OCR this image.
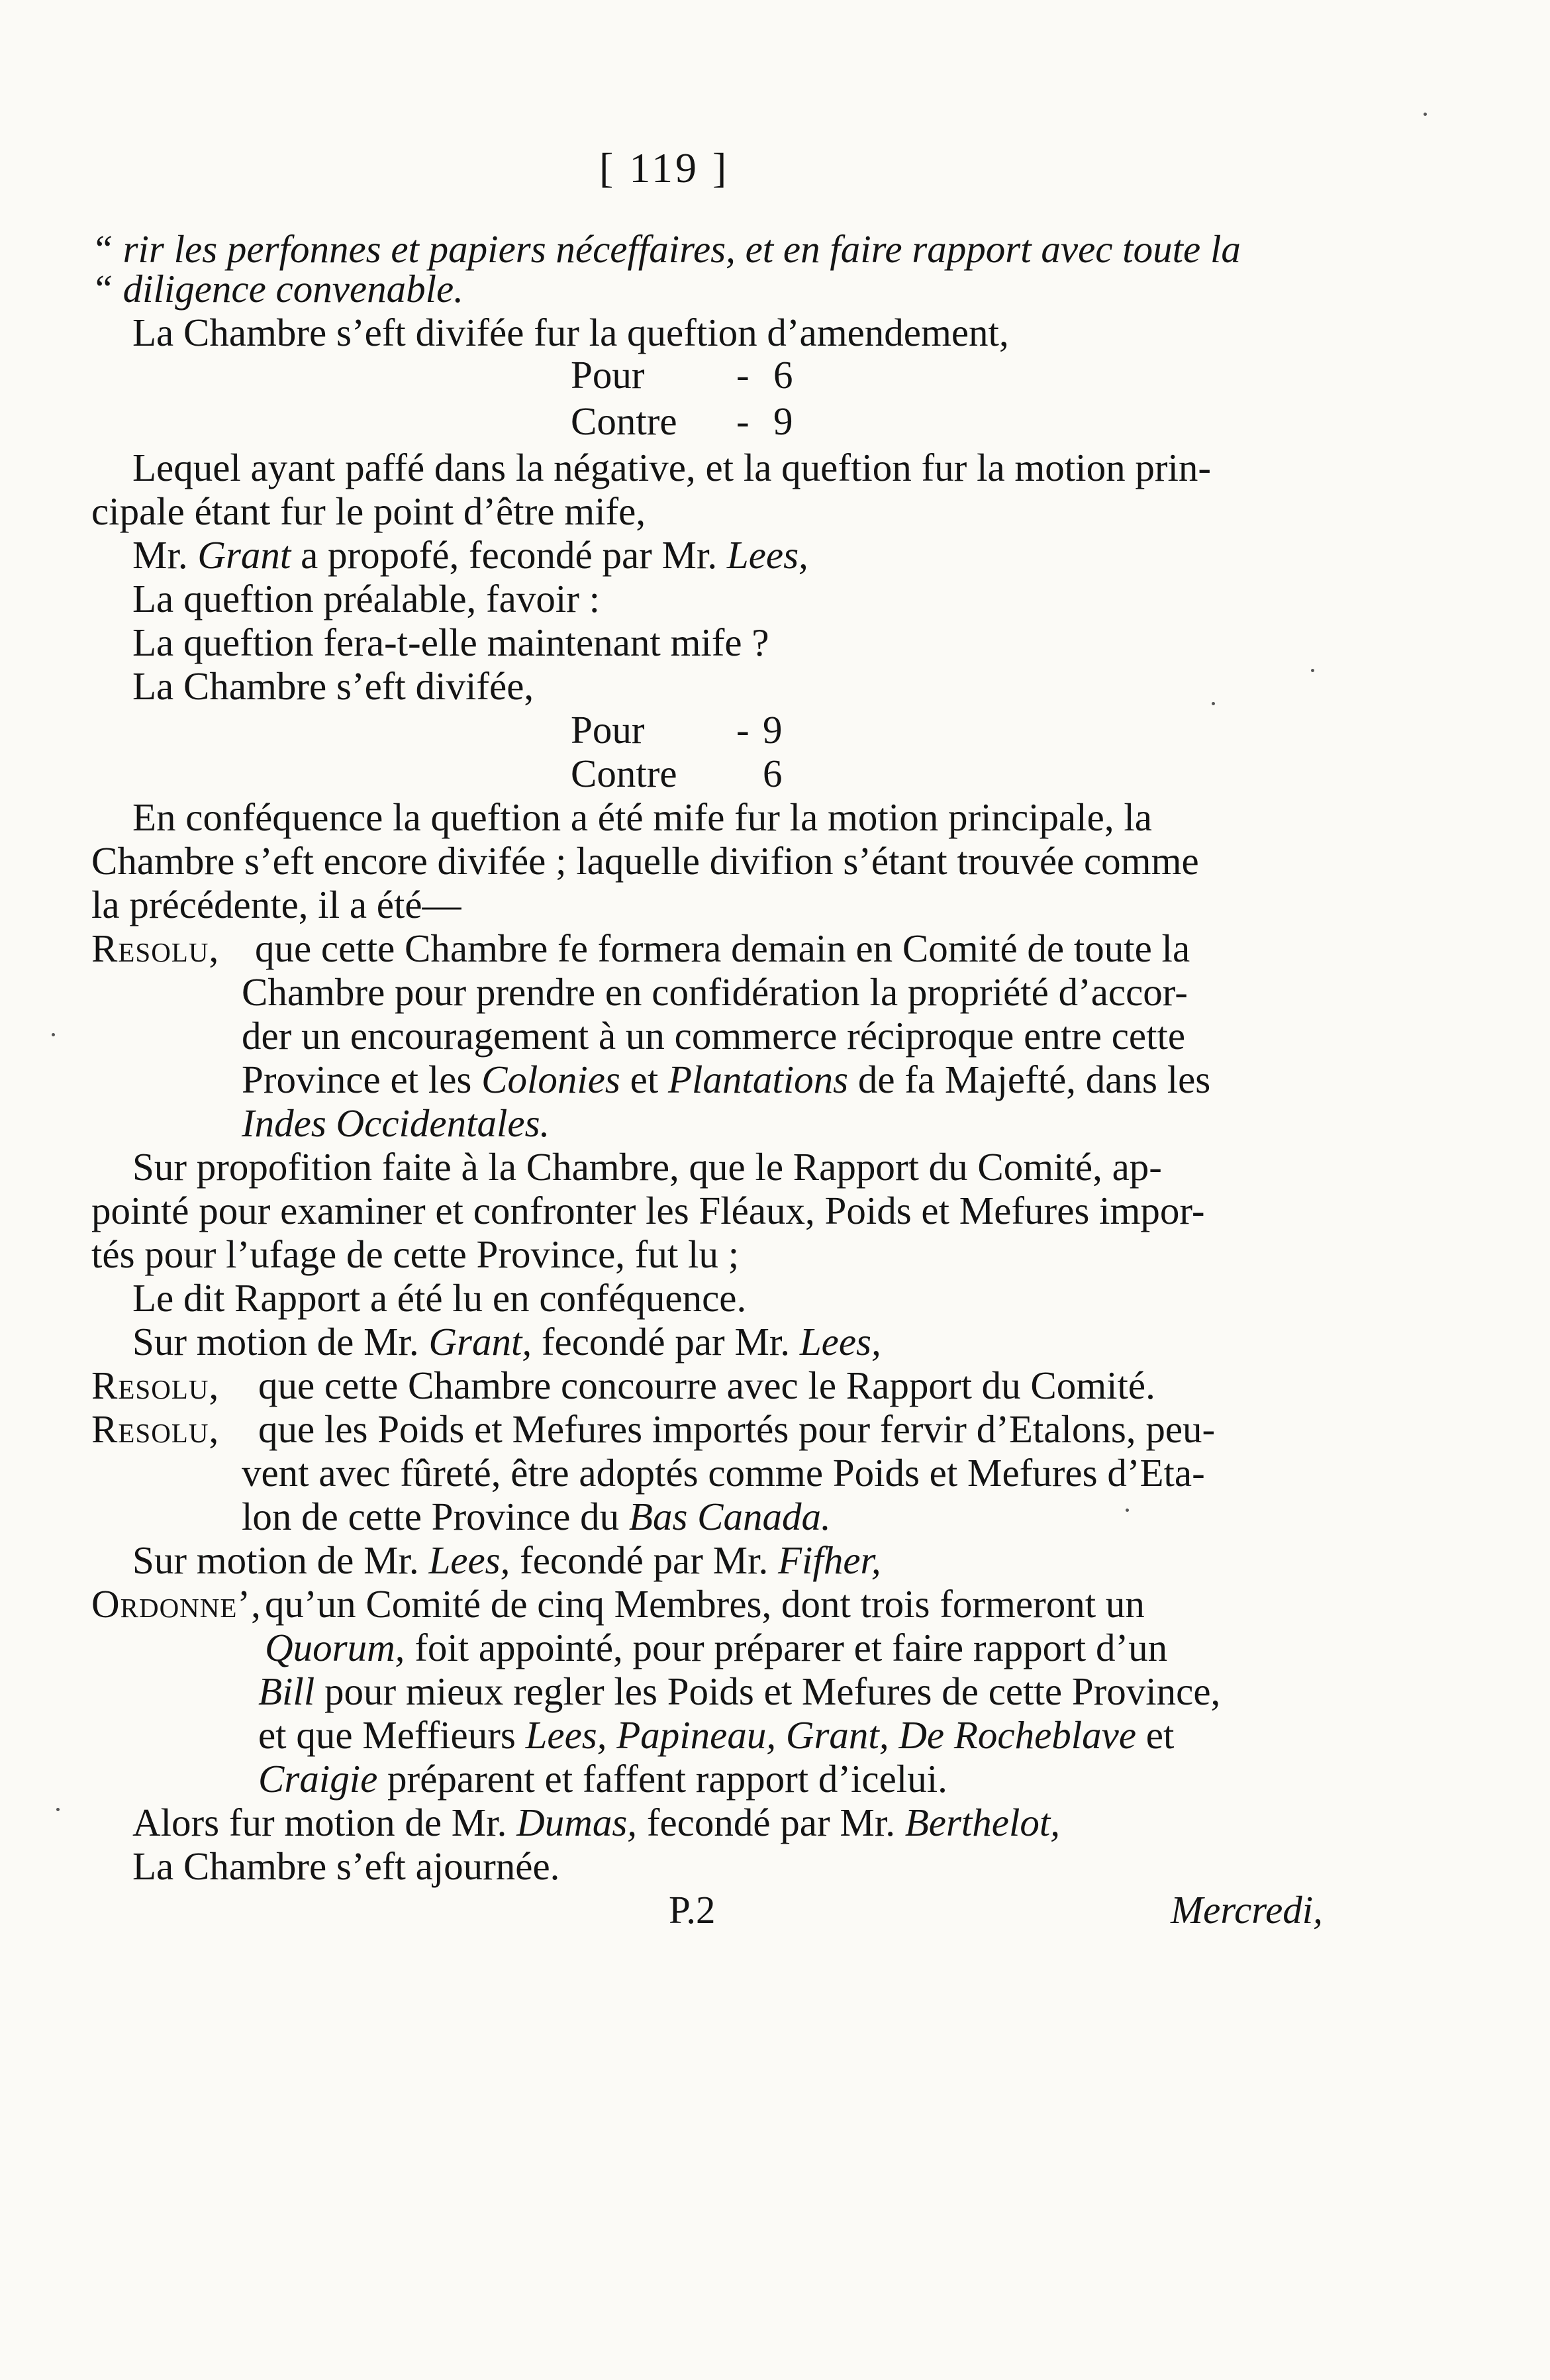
[ 119 ]
“ rir les perfonnes et papiers néceffaires, et en faire rapport avec toute la
“ diligence convenable.
La Chambre s’eft divifée fur la queftion d’amendement,
Pour - 6
Contre - 9
Lequel ayant paffé dans la négative, et la queftion fur la motion prin-
cipale étant fur le point d’être mife,
Mr. Grant a propofé, fecondé par Mr. Lees,
La queftion préalable, favoir :
La queftion fera-t-elle maintenant mife ?
La Chambre s’eft divifée,
Pour - 9
Contre 6
En conféquence la queftion a été mife fur la motion principale, la
Chambre s’eft encore divifée ; laquelle divifion s’étant trouvée comme
la précédente, il a été—
Resolu, que cette Chambre fe formera demain en Comité de toute la
Chambre pour prendre en confidération la propriété d’accor-
der un encouragement à un commerce réciproque entre cette
Province et les Colonies et Plantations de fa Majefté, dans les
Indes Occidentales.
Sur propofition faite à la Chambre, que le Rapport du Comité, ap-
pointé pour examiner et confronter les Fléaux, Poids et Mefures impor-
tés pour l’ufage de cette Province, fut lu ;
Le dit Rapport a été lu en conféquence.
Sur motion de Mr. Grant, fecondé par Mr. Lees,
Resolu, que cette Chambre concourre avec le Rapport du Comité.
Resolu, que les Poids et Mefures importés pour fervir d’Etalons, peu-
vent avec fûreté, être adoptés comme Poids et Mefures d’Eta-
lon de cette Province du Bas Canada.
Sur motion de Mr. Lees, fecondé par Mr. Fifher,
Ordonne’, qu’un Comité de cinq Membres, dont trois formeront un
Quorum, foit appointé, pour préparer et faire rapport d’un
Bill pour mieux regler les Poids et Mefures de cette Province,
et que Meffieurs Lees, Papineau, Grant, De Rocheblave et
Craigie préparent et faffent rapport d’icelui.
Alors fur motion de Mr. Dumas, fecondé par Mr. Berthelot,
La Chambre s’eft ajournée.
P.2	Mercredi,
